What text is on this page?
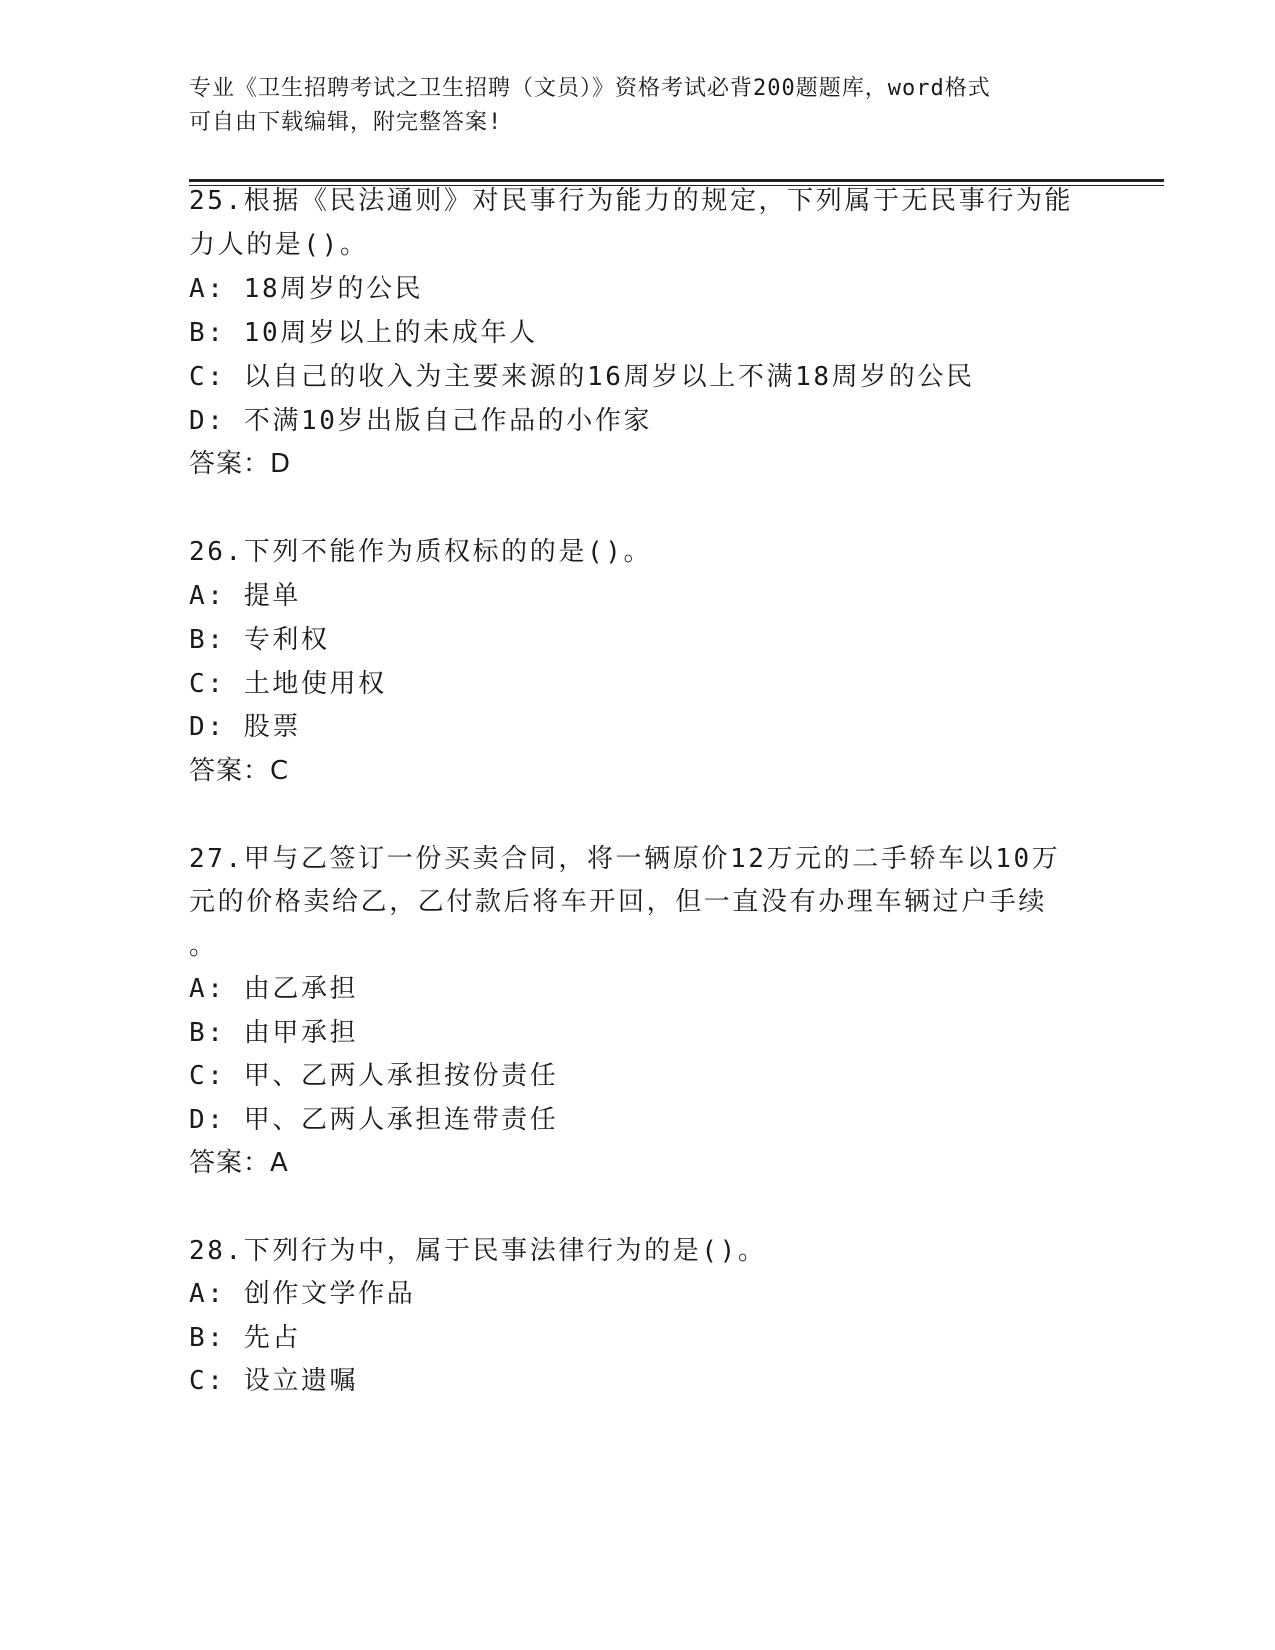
专业《卫生招聘考试之卫生招聘（文员）》资格考试必背200题题库，word格式

可自由下载编辑，附完整答案!

25.根据《民法通则》对民事行为能力的规定，下列属于无民事行为能
力人的是()。
A: 18周岁的公民
B: 10周岁以上的未成年人
C: 以自己的收入为主要来源的16周岁以上不满18周岁的公民
D: 不满10岁出版自己作品的小作家
答案：D
26.下列不能作为质权标的的是()。
A: 提单
B: 专利权
C: 土地使用权
D: 股票
答案：C
27.甲与乙签订一份买卖合同，将一辆原价12万元的二手轿车以10万
元的价格卖给乙，乙付款后将车开回，但一直没有办理车辆过户手续
。
A: 由乙承担
B: 由甲承担
C: 甲、乙两人承担按份责任
D: 甲、乙两人承担连带责任
答案：A
28.下列行为中，属于民事法律行为的是()。
A: 创作文学作品
B: 先占
C: 设立遗嘱
